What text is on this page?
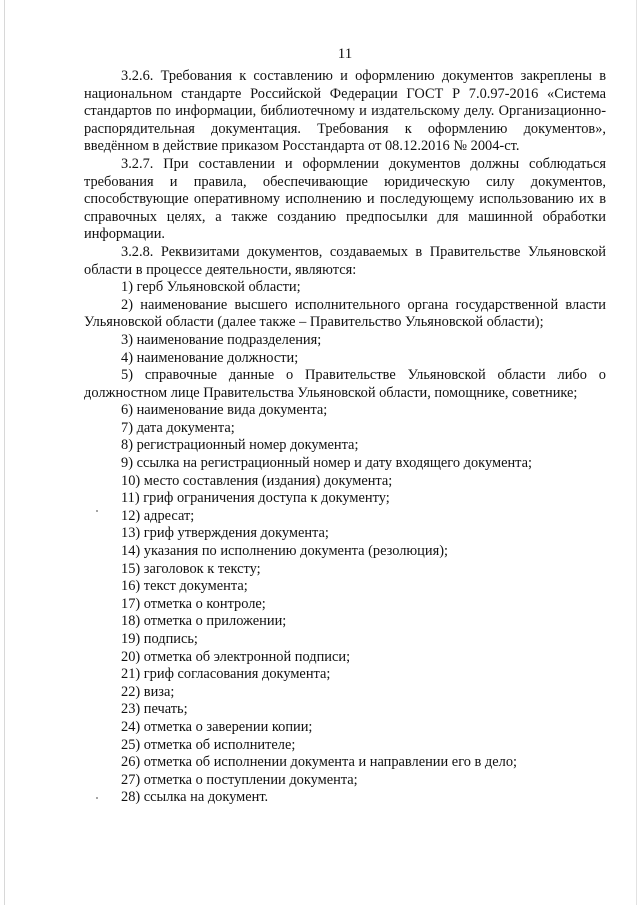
11

3.2.6. Требования к составлению и оформлению документов закреплены в национальном стандарте Российской Федерации ГОСТ Р 7.0.97-2016 «Система стандартов по информации, библиотечному и издательскому делу. Организационно-распорядительная документация. Требования к оформлению документов», введённом в действие приказом Росстандарта от 08.12.2016 № 2004-ст.

3.2.7. При составлении и оформлении документов должны соблюдаться требования и правила, обеспечивающие юридическую силу документов, способствующие оперативному исполнению и последующему использованию их в справочных целях, а также созданию предпосылки для машинной обработки информации.

3.2.8. Реквизитами документов, создаваемых в Правительстве Ульяновской области в процессе деятельности, являются:

1) герб Ульяновской области;

2) наименование высшего исполнительного органа государственной власти Ульяновской области (далее также – Правительство Ульяновской области);

3) наименование подразделения;

4) наименование должности;

5) справочные данные о Правительстве Ульяновской области либо о должностном лице Правительства Ульяновской области, помощнике, советнике;

6) наименование вида документа;

7) дата документа;

8) регистрационный номер документа;

9) ссылка на регистрационный номер и дату входящего документа;

10) место составления (издания) документа;

11) гриф ограничения доступа к документу;

12) адресат;

13) гриф утверждения документа;

14) указания по исполнению документа (резолюция);

15) заголовок к тексту;

16) текст документа;

17) отметка о контроле;

18) отметка о приложении;

19) подпись;

20) отметка об электронной подписи;

21) гриф согласования документа;

22) виза;

23) печать;

24) отметка о заверении копии;

25) отметка об исполнителе;

26) отметка об исполнении документа и направлении его в дело;

27) отметка о поступлении документа;

28) ссылка на документ.
